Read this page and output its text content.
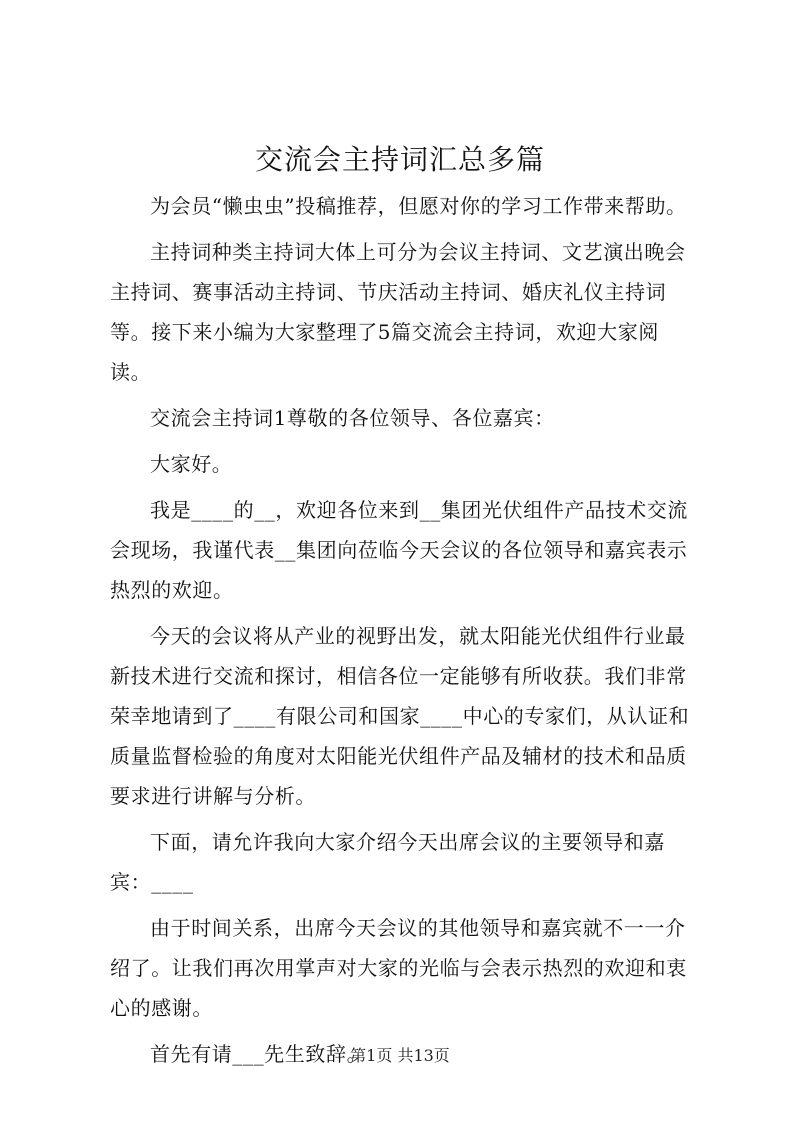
交流会主持词汇总多篇

为会员“懒虫虫”投稿推荐，但愿对你的学习工作带来帮助。

主持词种类主持词大体上可分为会议主持词、文艺演出晚会主持词、赛事活动主持词、节庆活动主持词、婚庆礼仪主持词等。接下来小编为大家整理了5篇交流会主持词，欢迎大家阅读。

交流会主持词1尊敬的各位领导、各位嘉宾：

大家好。

我是____的__，欢迎各位来到__集团光伏组件产品技术交流会现场，我谨代表__集团向莅临今天会议的各位领导和嘉宾表示热烈的欢迎。

今天的会议将从产业的视野出发，就太阳能光伏组件行业最新技术进行交流和探讨，相信各位一定能够有所收获。我们非常荣幸地请到了____有限公司和国家____中心的专家们，从认证和质量监督检验的角度对太阳能光伏组件产品及辅材的技术和品质要求进行讲解与分析。

下面，请允许我向大家介绍今天出席会议的主要领导和嘉宾：____

由于时间关系，出席今天会议的其他领导和嘉宾就不一一介绍了。让我们再次用掌声对大家的光临与会表示热烈的欢迎和衷心的感谢。

首先有请___先生致辞。

第1页 共13页
